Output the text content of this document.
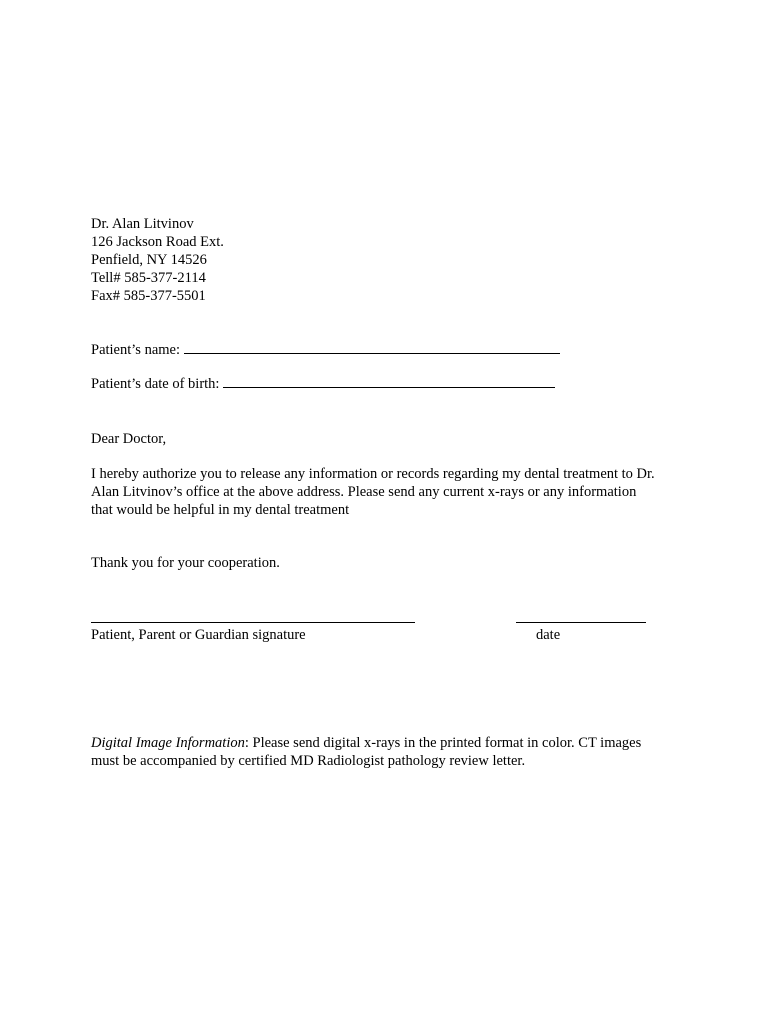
Dr. Alan Litvinov
126 Jackson Road Ext.
Penfield, NY 14526
Tell# 585-377-2114
Fax# 585-377-5501
Patient’s name:
Patient’s date of birth:
Dear Doctor,
I hereby authorize you to release any information or records regarding my dental treatment to Dr.
Alan Litvinov’s office at the above address. Please send any current x-rays or any information
that would be helpful in my dental treatment
Thank you for your cooperation.
Patient, Parent or Guardian signature	date
Digital Image Information: Please send digital x-rays in the printed format in color. CT images
must be accompanied by certified MD Radiologist pathology review letter.
